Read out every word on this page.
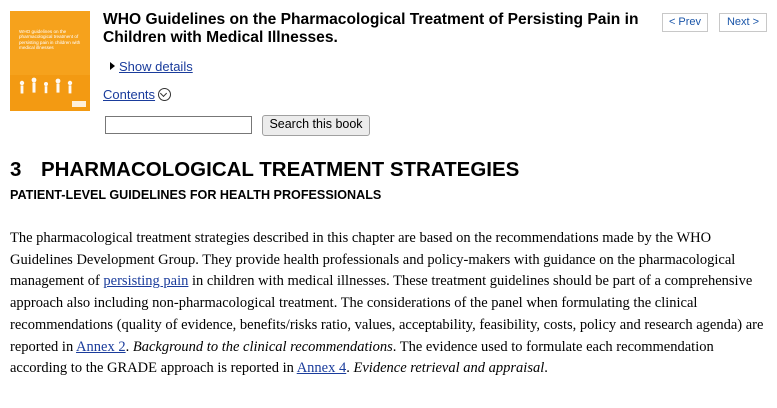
WHO guidelines on the pharmacological treatment of persisting pain in children with medical illnesses
WHO Guidelines on the Pharmacological Treatment of Persisting Pain in Children with Medical Illnesses.
< Prev	Next >
Show details
Contents
Search this book
3 PHARMACOLOGICAL TREATMENT STRATEGIES
PATIENT-LEVEL GUIDELINES FOR HEALTH PROFESSIONALS
The pharmacological treatment strategies described in this chapter are based on the recommendations made by the WHO Guidelines Development Group. They provide health professionals and policy-makers with guidance on the pharmacological management of persisting pain in children with medical illnesses. These treatment guidelines should be part of a comprehensive approach also including non-pharmacological treatment. The considerations of the panel when formulating the clinical recommendations (quality of evidence, benefits/risks ratio, values, acceptability, feasibility, costs, policy and research agenda) are reported in Annex 2. Background to the clinical recommendations. The evidence used to formulate each recommendation according to the GRADE approach is reported in Annex 4. Evidence retrieval and appraisal.
